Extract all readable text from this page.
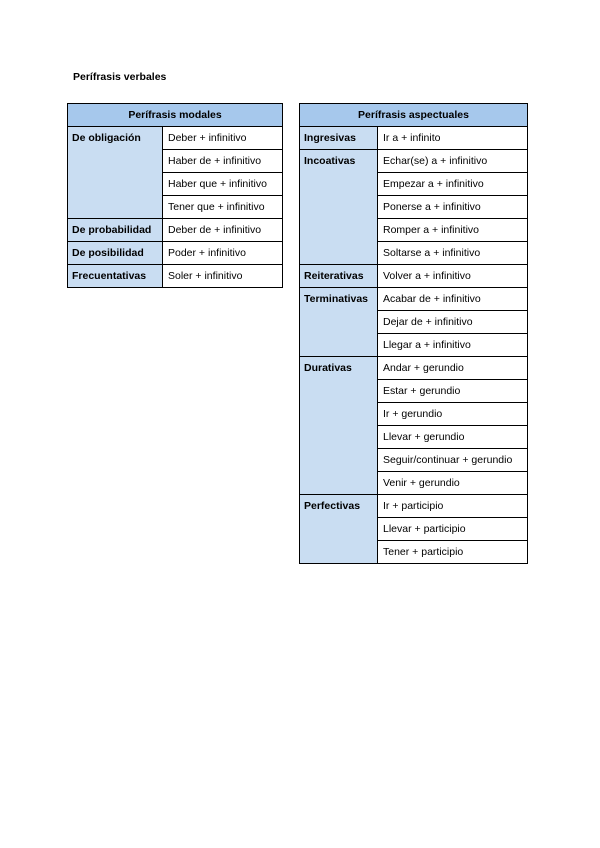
Perífrasis verbales
Perífrasis modales	
De obligación	Deber + infinitivo
	Haber de + infinitivo
	Haber que + infinitivo
	Tener que + infinitivo
De probabilidad	Deber de + infinitivo
De posibilidad	Poder + infinitivo
Frecuentativas	Soler + infinitivo
Perífrasis aspectuales	
Ingresivas	Ir a + infinito
Incoativas	Echar(se) a + infinitivo
	Empezar a + infinitivo
	Ponerse a + infinitivo
	Romper a + infinitivo
	Soltarse a + infinitivo
Reiterativas	Volver a + infinitivo
Terminativas	Acabar de + infinitivo
	Dejar de + infinitivo
	Llegar a + infinitivo
Durativas	Andar + gerundio
	Estar + gerundio
	Ir + gerundio
	Llevar + gerundio
	Seguir/continuar + gerundio
	Venir + gerundio
Perfectivas	Ir + participio
	Llevar + participio
	Tener + participio
